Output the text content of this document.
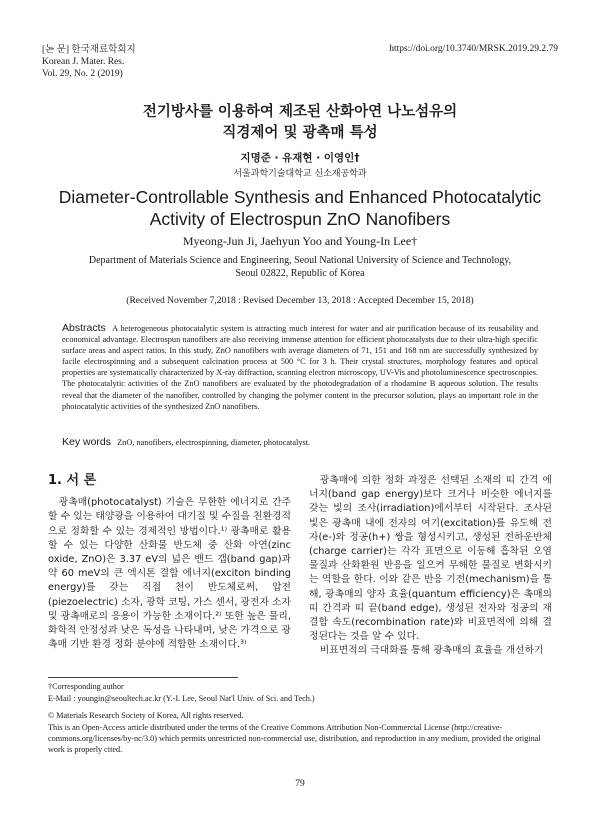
[논 문] 한국재료학회지
Korean J. Mater. Res.
Vol. 29, No. 2 (2019)
https://doi.org/10.3740/MRSK.2019.29.2.79
전기방사를 이용하여 제조된 산화아연 나노섬유의
직경제어 및 광촉매 특성
지명준 · 유재현 · 이영인†
서울과학기술대학교 신소재공학과
Diameter-Controllable Synthesis and Enhanced Photocatalytic
Activity of Electrospun ZnO Nanofibers
Myeong-Jun Ji, Jaehyun Yoo and Young-In Lee†
Department of Materials Science and Engineering, Seoul National University of Science and Technology,
Seoul 02822, Republic of Korea
(Received November 7,2018 : Revised December 13, 2018 : Accepted December 15, 2018)
Abstracts A heterogeneous photocatalytic system is attracting much interest for water and air purification because of its reusability and economical advantage. Electrospun nanofibers are also receiving immense attention for efficient photocatalysts due to their ultra-high specific surface areas and aspect ratios. In this study, ZnO nanofibers with average diameters of 71, 151 and 168 nm are successfully synthesized by facile electrospinning and a subsequent calcination process at 500 °C for 3 h. Their crystal structures, morphology features and optical properties are systematically characterized by X-ray diffraction, scanning electron microscopy, UV-Vis and photoluminescence spectroscopies. The photocatalytic activities of the ZnO nanofibers are evaluated by the photodegradation of a rhodamine B aqueous solution. The results reveal that the diameter of the nanofiber, controlled by changing the polymer content in the precursor solution, plays an important role in the photocatalytic activities of the synthesized ZnO nanofibers.
Key words ZnO, nanofibers, electrospinning, diameter, photocatalyst.
1. 서 론

광촉매(photocatalyst) 기술은 무한한 에너지로 간주할 수 있는 태양광을 이용하여 대기질 및 수질을 친환경적으로 정화할 수 있는 경제적인 방법이다.¹⁾ 광촉매로 활용할 수 있는 다양한 산화물 반도체 중 산화 아연(zinc oxide, ZnO)은 3.37 eV의 넓은 밴드 갭(band gap)과 약 60 meV의 큰 엑시톤 결합 에너지(exciton binding energy)를 갖는 직접 천이 반도체로써, 압전(piezoelectric) 소자, 광학 코팅, 가스 센서, 광전자 소자 및 광촉매로의 응용이 가능한 소재이다.²⁾ 또한 높은 물리, 화학적 안정성과 낮은 독성을 나타내며, 낮은 가격으로 광촉매 기반 환경 정화 분야에 적합한 소재이다.³⁾

광촉매에 의한 정화 과정은 선택된 소재의 띠 간격 에너지(band gap energy)보다 크거나 비슷한 에너지를 갖는 빛의 조사(irradiation)에서부터 시작된다. 조사된 빛은 광촉매 내에 전자의 여기(excitation)를 유도해 전자(e-)와 정공(h+) 쌍을 형성시키고, 생성된 전하운반체(charge carrier)는 각각 표면으로 이동해 흡착된 오염 물질과 산화환원 반응을 일으켜 무해한 물질로 변화시키는 역할을 한다. 이와 같은 반응 기전(mechanism)을 통해, 광촉매의 양자 효율(quantum efficiency)은 촉매의 띠 간격과 띠 끝(band edge), 생성된 전자와 정공의 재결합 속도(recombination rate)와 비표면적에 의해 결정된다는 것을 알 수 있다.

비표면적의 극대화를 통해 광촉매의 효율을 개선하기

†Corresponding author
E-Mail : youngin@seoultech.ac.kr (Y.-I. Lee, Seoul Nat'l Univ. of Sci. and Tech.)
© Materials Research Society of Korea, All rights reserved.
This is an Open-Access article distributed under the terms of the Creative Commons Attribution Non-Commercial License (http://creative-commons.org/licenses/by-nc/3.0) which permits unrestricted non-commercial use, distribution, and reproduction in any medium, provided the original work is properly cited.
79
